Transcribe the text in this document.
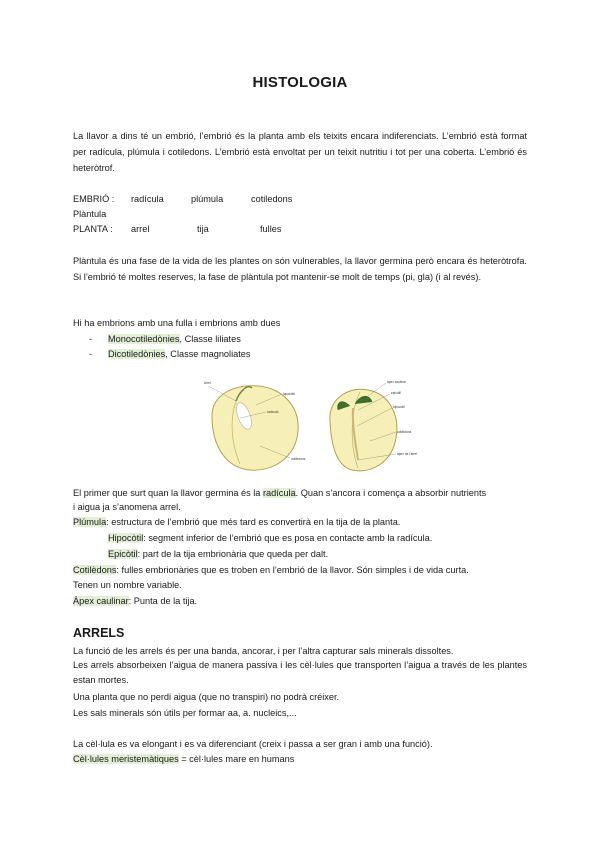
HISTOLOGIA

La llavor a dins té un embrió, l’embrió és la planta amb els teixits encara indiferenciats. L’embrió està format per radícula, plúmula i cotiledons. L’embrió està envoltat per un teixit nutritiu i tot per una coberta. L’embrió és heteròtrof.

EMBRIÓ : radícula	plúmula	cotiledons
Plàntula
PLANTA : arrel	tija	fulles

Plàntula és una fase de la vida de les plantes on són vulnerables, la llavor germina però encara és heteròtrofa. Si l’embrió té moltes reserves, la fase de plàntula pot mantenir-se molt de temps (pi, gla) (i al revés).

Hi ha embrions amb una fulla i embrions amb dues
- Monocotiledònies, Classe liliates
- Dicotiledònies, Classe magnoliates
Arrel
hipocòtil
radícula
cotiledons
àpex caulinar
epicòtil
hipocòtil
cotiledons
àpex de l’arrel
El primer que surt quan la llavor germina és la radícula. Quan s’ancora i comença a absorbir nutrients
i aigua ja s’anomena arrel.
Plúmula: estructura de l’embrió que més tard es convertirà en la tija de la planta.
Hipocòtil: segment inferior de l’embrió que es posa en contacte amb la radícula.
Epicòtil: part de la tija embrionària que queda per dalt.
Cotilèdons: fulles embrionàries que es troben en l’embrió de la llavor. Són simples i de vida curta.
Tenen un nombre variable.
Àpex caulinar: Punta de la tija.
ARRELS
La funció de les arrels és per una banda, ancorar, i per l’altra capturar sals minerals dissoltes.

Les arrels absorbeixen l’aigua de manera passiva i les cèl·lules que transporten l’aigua a través de les plantes estan mortes.

Una planta que no perdi aigua (que no transpiri) no podrà créixer.
Les sals minerals són útils per formar aa, a. nucleics,...
La cèl·lula es va elongant i es va diferenciant (creix i passa a ser gran i amb una funció).
Cèl·lules meristemàtiques = cèl·lules mare en humans
